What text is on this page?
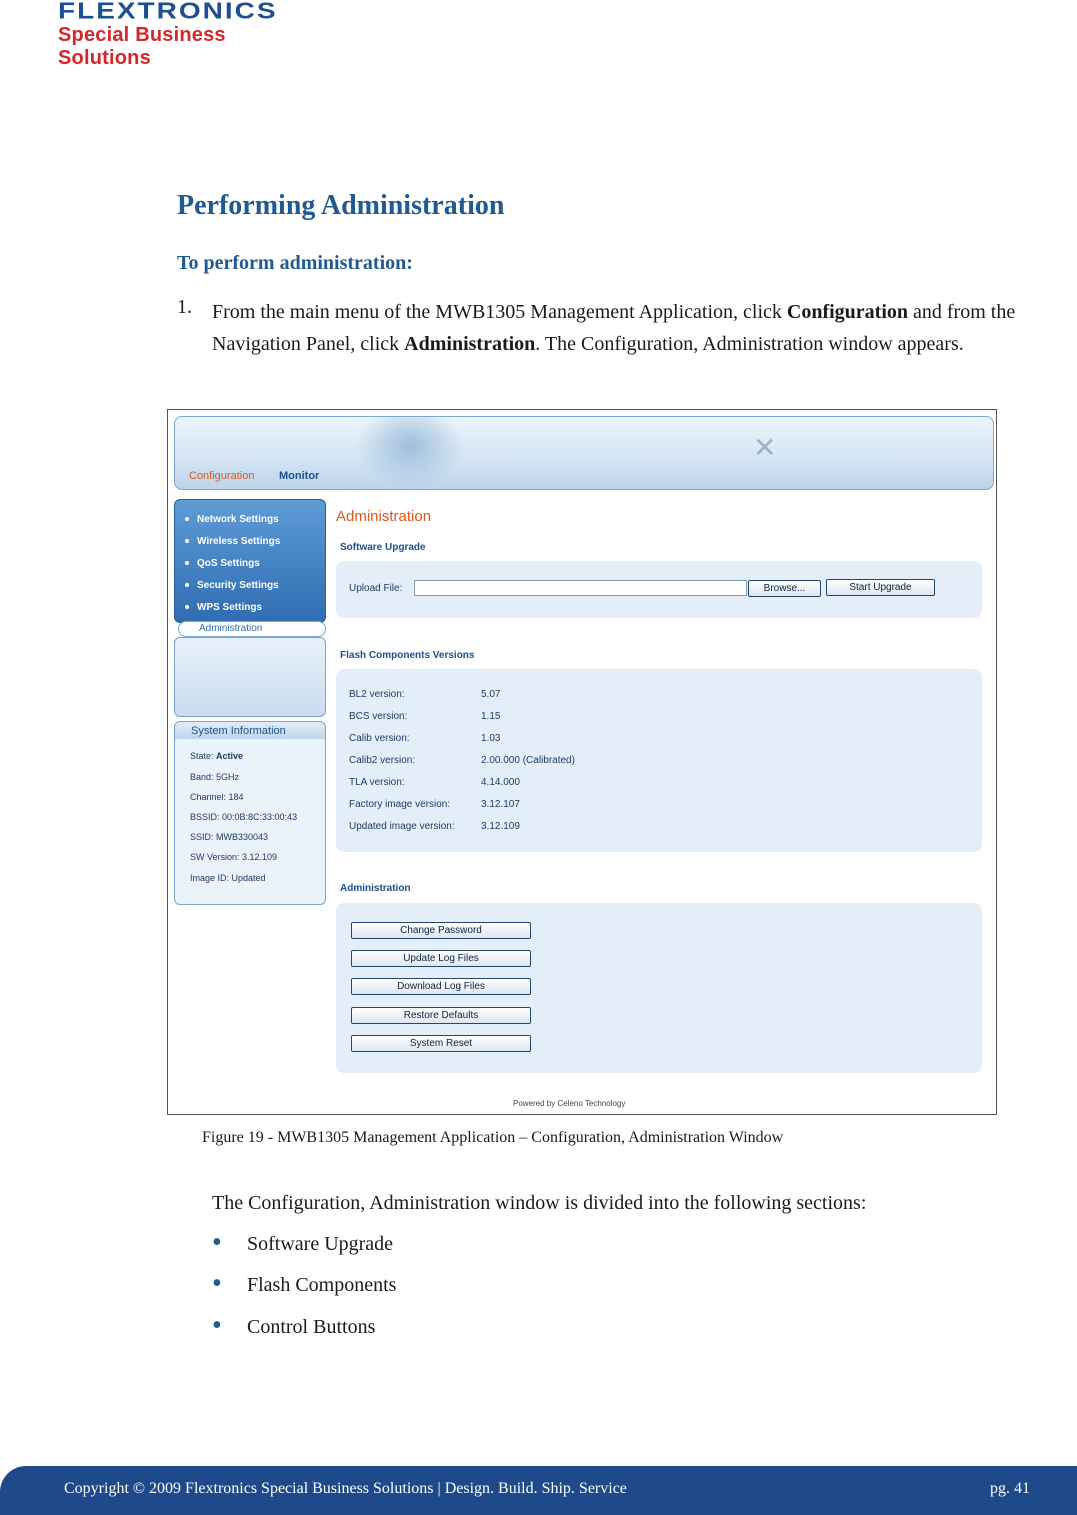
FLEXTRONICS
Special Business Solutions
Performing Administration
To perform administration:
1. From the main menu of the MWB1305 Management Application, click Configuration and from the Navigation Panel, click Administration. The Configuration, Administration window appears.
✕
Configuration Monitor
Network Settings
Wireless Settings
QoS Settings
Security Settings
WPS Settings
Administration
System Information
State: Active
Band: 5GHz
Channel: 184
BSSID: 00:0B:8C:33:00:43
SSID: MWB330043
SW Version: 3.12.109
Image ID: Updated
Administration
Software Upgrade
Upload File:	Browse...	Start Upgrade
Flash Components Versions
BL2 version:	5.07
BCS version:	1.15
Calib version:	1.03
Calib2 version:	2.00.000 (Calibrated)
TLA version:	4.14.000
Factory image version:	3.12.107
Updated image version:	3.12.109
Administration
Change Password
Update Log Files
Download Log Files
Restore Defaults
System Reset
Powered by Celeno Technology
Figure 19 - MWB1305 Management Application – Configuration, Administration Window
The Configuration, Administration window is divided into the following sections:
• Software Upgrade
• Flash Components
• Control Buttons
Copyright © 2009 Flextronics Special Business Solutions | Design. Build. Ship. Service	pg. 41
